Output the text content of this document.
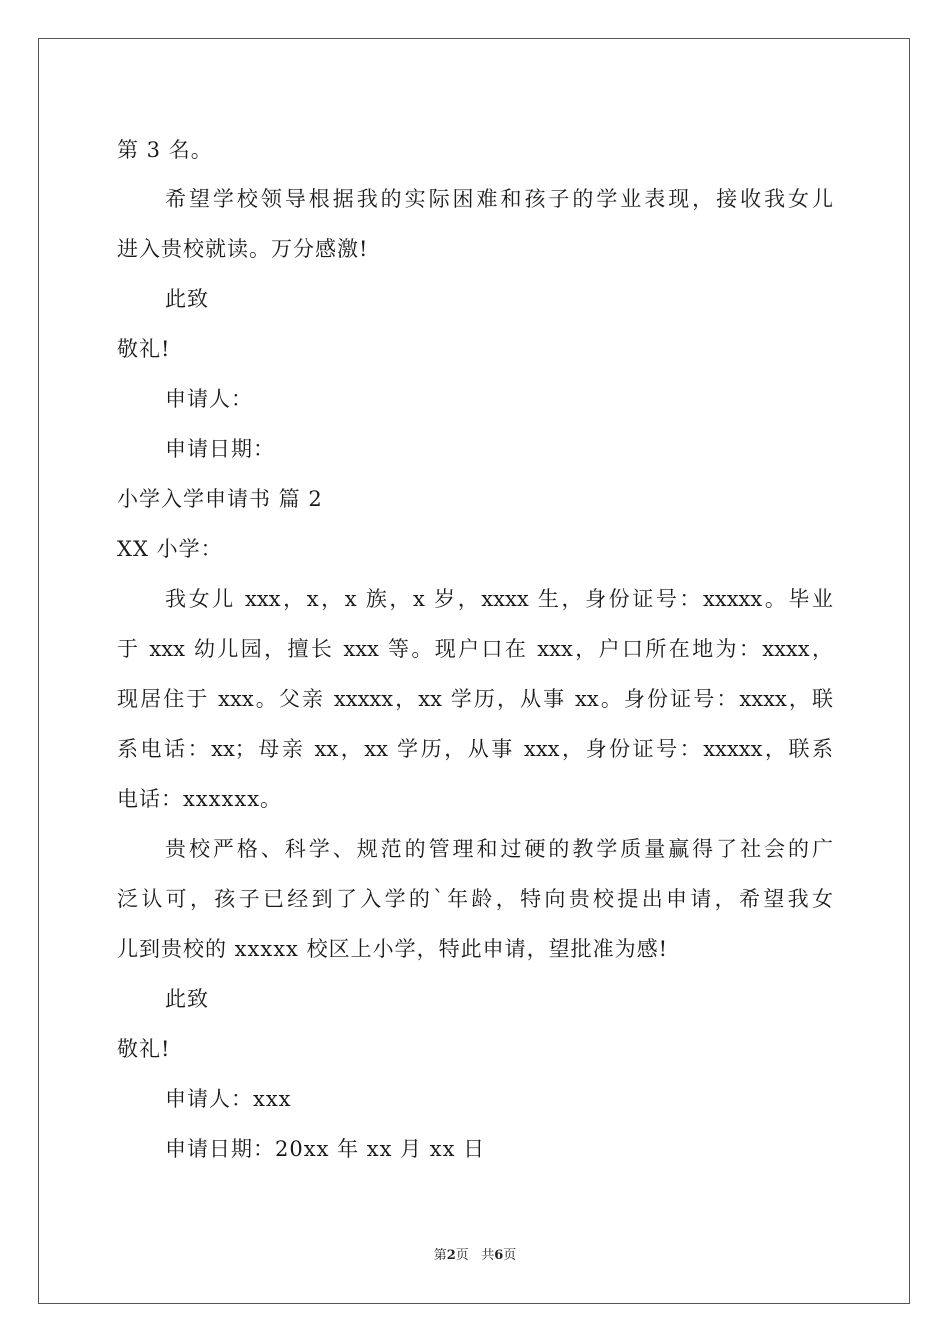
第 3 名。
希望学校领导根据我的实际困难和孩子的学业表现，接收我女儿
进入贵校就读。万分感激!
此致
敬礼!
申请人：
申请日期：
小学入学申请书 篇 2
XX 小学：
我女儿 xxx，x，x 族，x 岁，xxxx 生，身份证号：xxxxx。毕业
于 xxx 幼儿园，擅长 xxx 等。现户口在 xxx，户口所在地为：xxxx，
现居住于 xxx。父亲 xxxxx，xx 学历，从事 xx。身份证号：xxxx，联
系电话：xx；母亲 xx，xx 学历，从事 xxx，身份证号：xxxxx，联系
电话：xxxxxx。
贵校严格、科学、规范的管理和过硬的教学质量赢得了社会的广
泛认可，孩子已经到了入学的`年龄，特向贵校提出申请，希望我女
儿到贵校的 xxxxx 校区上小学，特此申请，望批准为感!
此致
敬礼!
申请人：xxx
申请日期：20xx 年 xx 月 xx 日
第2页 共6页
